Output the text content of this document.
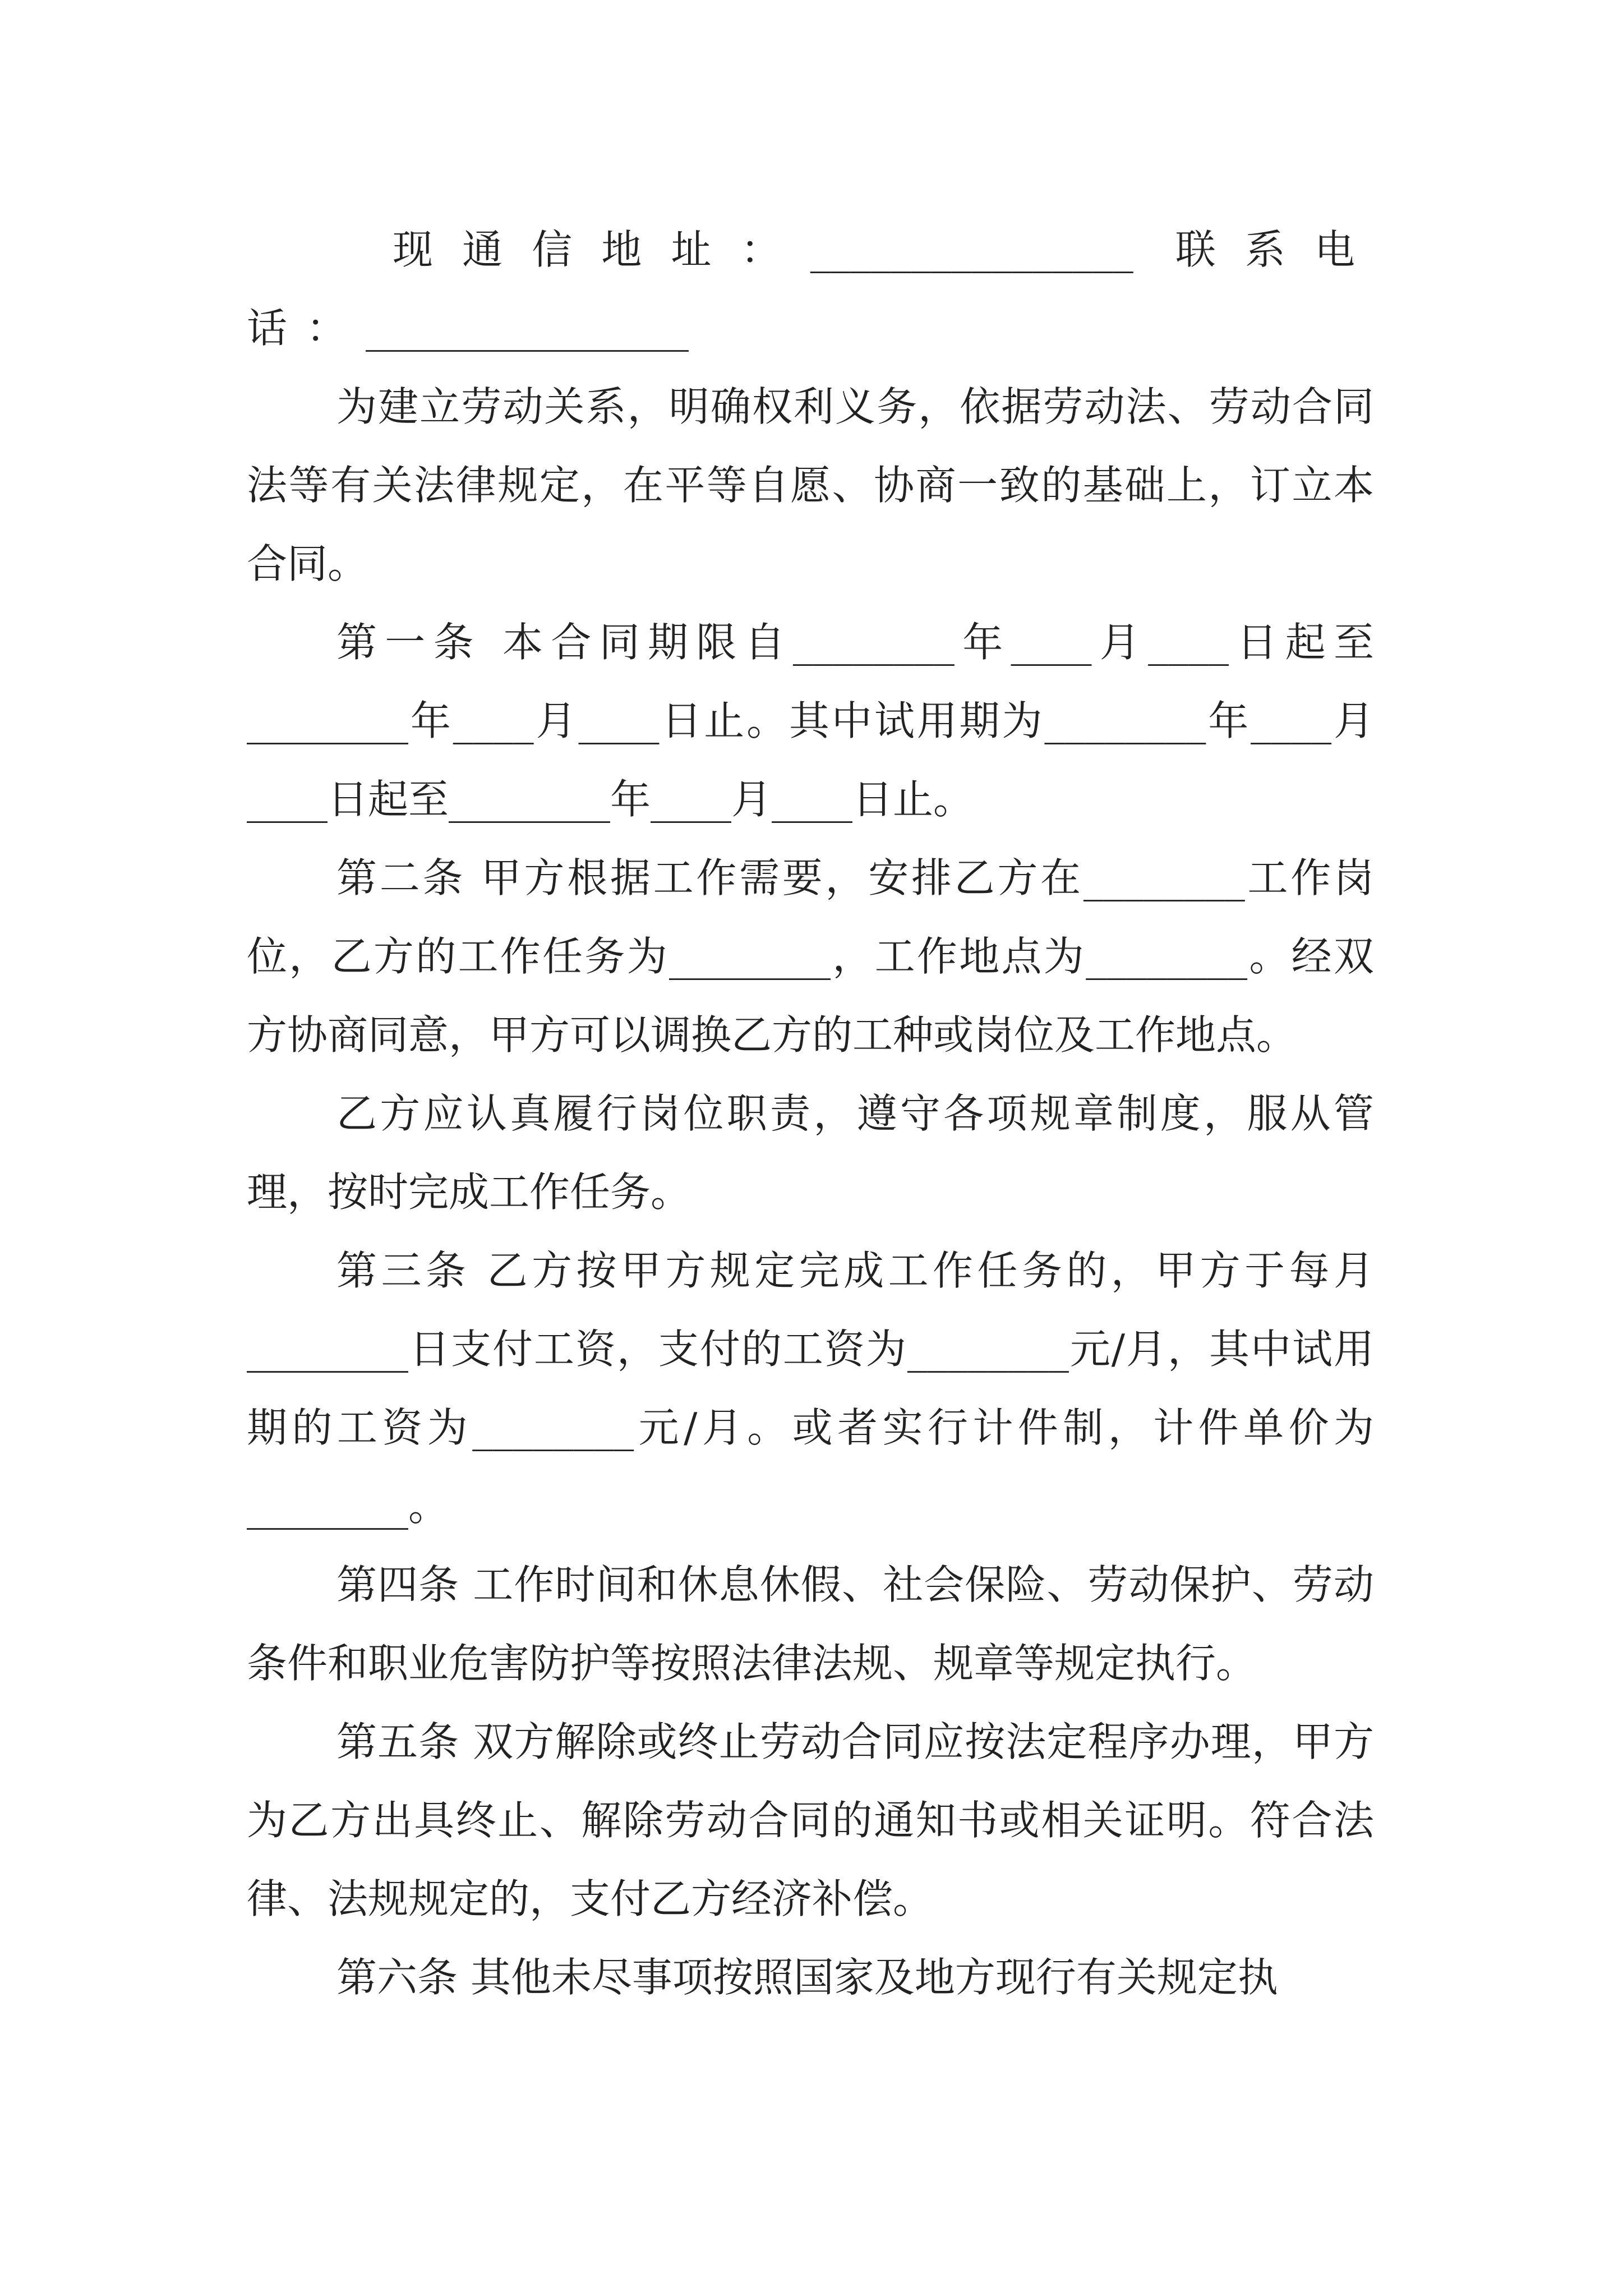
现通信地址：________________ 联系电话：________________

为建立劳动关系，明确权利义务，依据劳动法、劳动合同法等有关法律规定，在平等自愿、协商一致的基础上，订立本合同。

第一条 本合同期限自________年____月____日起至________年____月____日止。其中试用期为________年____月____日起至________年____月____日止。

第二条 甲方根据工作需要，安排乙方在________工作岗位，乙方的工作任务为________，工作地点为________。经双方协商同意，甲方可以调换乙方的工种或岗位及工作地点。

乙方应认真履行岗位职责，遵守各项规章制度，服从管理，按时完成工作任务。

第三条 乙方按甲方规定完成工作任务的，甲方于每月________日支付工资，支付的工资为________元/月，其中试用期的工资为________元/月。或者实行计件制，计件单价为________。

第四条 工作时间和休息休假、社会保险、劳动保护、劳动条件和职业危害防护等按照法律法规、规章等规定执行。

第五条 双方解除或终止劳动合同应按法定程序办理，甲方为乙方出具终止、解除劳动合同的通知书或相关证明。符合法律、法规规定的，支付乙方经济补偿。

第六条 其他未尽事项按照国家及地方现行有关规定执
